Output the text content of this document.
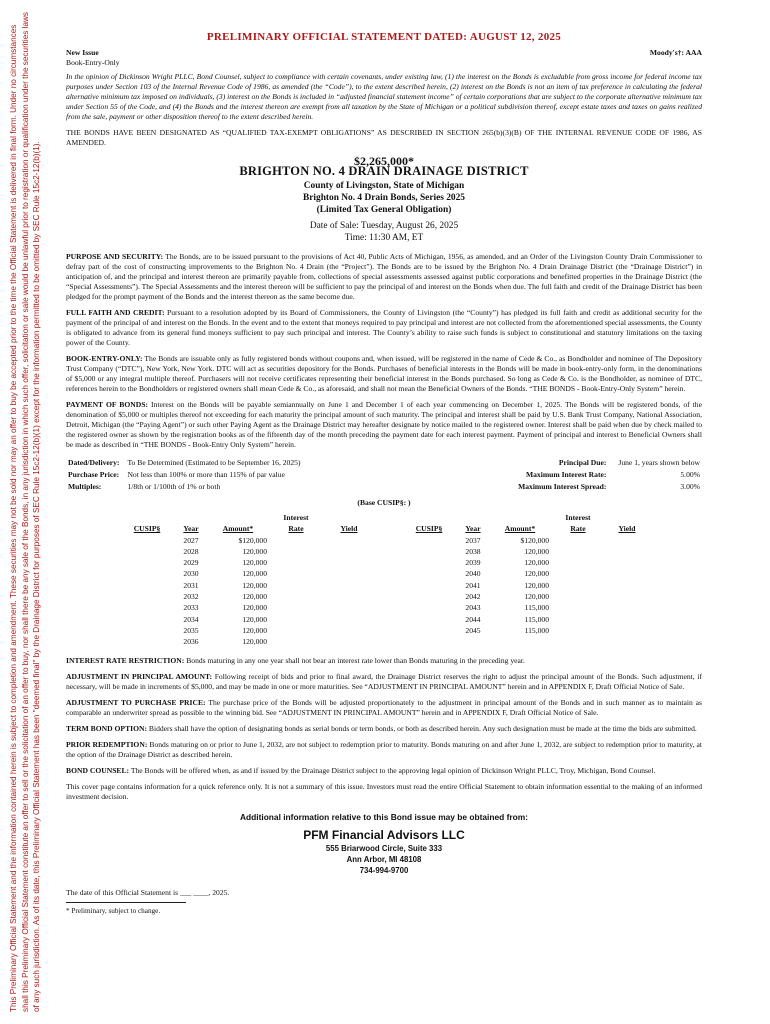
This Preliminary Official Statement and the information contained herein is subject to completion and amendment. These securities may not be sold nor may an offer to buy be accepted prior to the time the Official Statement is delivered in final form. Under no circumstances shall this Preliminary Official Statement constitute an offer to sell or the solicitation of an offer to buy, nor shall there be any sale of the Bonds, in any jurisdiction in which such offer, solicitation or sale would be unlawful prior to registration or qualification under the securities laws of any such jurisdiction. As of its date, this Preliminary Official Statement has been "deemed final" by the Drainage District for purposes of SEC Rule 15c2-12(b)(1) except for the information permitted to be omitted by SEC Rule 15c2-12(b)(1).
PRELIMINARY OFFICIAL STATEMENT DATED: AUGUST 12, 2025
New Issue
Book-Entry-Only
Moody's†: AAA

In the opinion of Dickinson Wright PLLC, Bond Counsel, subject to compliance with certain covenants, under existing law, (1) the interest on the Bonds is excludable from gross income for federal income tax purposes under Section 103 of the Internal Revenue Code of 1986, as amended (the “Code”), to the extent described herein, (2) interest on the Bonds is not an item of tax preference in calculating the federal alternative minimum tax imposed on individuals, (3) interest on the Bonds is included in “adjusted financial statement income” of certain corporations that are subject to the corporate alternative minimum tax under Section 55 of the Code, and (4) the Bonds and the interest thereon are exempt from all taxation by the State of Michigan or a political subdivision thereof, except estate taxes and taxes on gains realized from the sale, payment or other disposition thereof to the extent described herein.

THE BONDS HAVE BEEN DESIGNATED AS “QUALIFIED TAX-EXEMPT OBLIGATIONS” AS DESCRIBED IN SECTION 265(b)(3)(B) OF THE INTERNAL REVENUE CODE OF 1986, AS AMENDED.

$2,265,000*
BRIGHTON NO. 4 DRAIN DRAINAGE DISTRICT
County of Livingston, State of Michigan
Brighton No. 4 Drain Bonds, Series 2025
(Limited Tax General Obligation)
Date of Sale: Tuesday, August 26, 2025
Time: 11:30 AM, ET

PURPOSE AND SECURITY: The Bonds, are to be issued pursuant to the provisions of Act 40, Public Acts of Michigan, 1956, as amended, and an Order of the Livingston County Drain Commissioner to defray part of the cost of constructing improvements to the Brighton No. 4 Drain (the “Project”). The Bonds are to be issued by the Brighton No. 4 Drain Drainage District (the “Drainage District”) in anticipation of, and the principal and interest thereon are primarily payable from, collections of special assessments assessed against public corporations and benefitted properties in the Drainage District (the “Special Assessments”). The Special Assessments and the interest thereon will be sufficient to pay the principal of and interest on the Bonds when due. The full faith and credit of the Drainage District has been pledged for the prompt payment of the Bonds and the interest thereon as the same become due.

FULL FAITH AND CREDIT: Pursuant to a resolution adopted by its Board of Commissioners, the County of Livingston (the “County”) has pledged its full faith and credit as additional security for the payment of the principal of and interest on the Bonds. In the event and to the extent that moneys required to pay principal and interest are not collected from the aforementioned special assessments, the County is obligated to advance from its general fund moneys sufficient to pay such principal and interest. The County’s ability to raise such funds is subject to constitutional and statutory limitations on the taxing power of the County.

BOOK-ENTRY-ONLY: The Bonds are issuable only as fully registered bonds without coupons and, when issued, will be registered in the name of Cede & Co., as Bondholder and nominee of The Depository Trust Company (“DTC”), New York, New York. DTC will act as securities depository for the Bonds. Purchases of beneficial interests in the Bonds will be made in book-entry-only form, in the denominations of $5,000 or any integral multiple thereof. Purchasers will not receive certificates representing their beneficial interest in the Bonds purchased. So long as Cede & Co. is the Bondholder, as nominee of DTC, references herein to the Bondholders or registered owners shall mean Cede & Co., as aforesaid, and shall not mean the Beneficial Owners of the Bonds. “THE BONDS - Book-Entry-Only System” herein.

PAYMENT OF BONDS: Interest on the Bonds will be payable semiannually on June 1 and December 1 of each year commencing on December 1, 2025. The Bonds will be registered bonds, of the denomination of $5,000 or multiples thereof not exceeding for each maturity the principal amount of such maturity. The principal and interest shall be paid by U.S. Bank Trust Company, National Association, Detroit, Michigan (the “Paying Agent”) or such other Paying Agent as the Drainage District may hereafter designate by notice mailed to the registered owner. Interest shall be paid when due by check mailed to the registered owner as shown by the registration books as of the fifteenth day of the month preceding the payment date for each interest payment. Payment of principal and interest to Beneficial Owners shall be made as described in “THE BONDS - Book-Entry Only System” herein.

Dated/Delivery:	To Be Determined (Estimated to be September 16, 2025)
Purchase Price:	Not less than 100% or more than 115% of par value
Multiples:	1/8th or 1/100th of 1% or both
Principal Due:	June 1, years shown below
Maximum Interest Rate:	5.00%
Maximum Interest Spread:	3.00%
(Base CUSIP§: )
			Interest						Interest	
CUSIP§	Year	Amount*	Rate	Yield		CUSIP§	Year	Amount*	Rate	Yield
	2027	$120,000					2037	$120,000		
	2028	120,000					2038	120,000		
	2029	120,000					2039	120,000		
	2030	120,000					2040	120,000		
	2031	120,000					2041	120,000		
	2032	120,000					2042	120,000		
	2033	120,000					2043	115,000		
	2034	120,000					2044	115,000		
	2035	120,000					2045	115,000		
	2036	120,000								

INTEREST RATE RESTRICTION: Bonds maturing in any one year shall not bear an interest rate lower than Bonds maturing in the preceding year.

ADJUSTMENT IN PRINCIPAL AMOUNT: Following receipt of bids and prior to final award, the Drainage District reserves the right to adjust the principal amount of the Bonds. Such adjustment, if necessary, will be made in increments of $5,000, and may be made in one or more maturities. See “ADJUSTMENT IN PRINCIPAL AMOUNT” herein and in APPENDIX F, Draft Official Notice of Sale.

ADJUSTMENT TO PURCHASE PRICE: The purchase price of the Bonds will be adjusted proportionately to the adjustment in principal amount of the Bonds and in such manner as to maintain as comparable an underwriter spread as possible to the winning bid. See “ADJUSTMENT IN PRINCIPAL AMOUNT” herein and in APPENDIX F, Draft Official Notice of Sale.

TERM BOND OPTION: Bidders shall have the option of designating bonds as serial bonds or term bonds, or both as described herein. Any such designation must be made at the time the bids are submitted.

PRIOR REDEMPTION: Bonds maturing on or prior to June 1, 2032, are not subject to redemption prior to maturity. Bonds maturing on and after June 1, 2032, are subject to redemption prior to maturity, at the option of the Drainage District as described herein.

BOND COUNSEL: The Bonds will be offered when, as and if issued by the Drainage District subject to the approving legal opinion of Dickinson Wright PLLC, Troy, Michigan, Bond Counsel.

This cover page contains information for a quick reference only. It is not a summary of this issue. Investors must read the entire Official Statement to obtain information essential to the making of an informed investment decision.

Additional information relative to this Bond issue may be obtained from:
PFM Financial Advisors LLC
555 Briarwood Circle, Suite 333
Ann Arbor, MI 48108
734-994-9700
The date of this Official Statement is ___ ____, 2025.
* Preliminary, subject to change.
